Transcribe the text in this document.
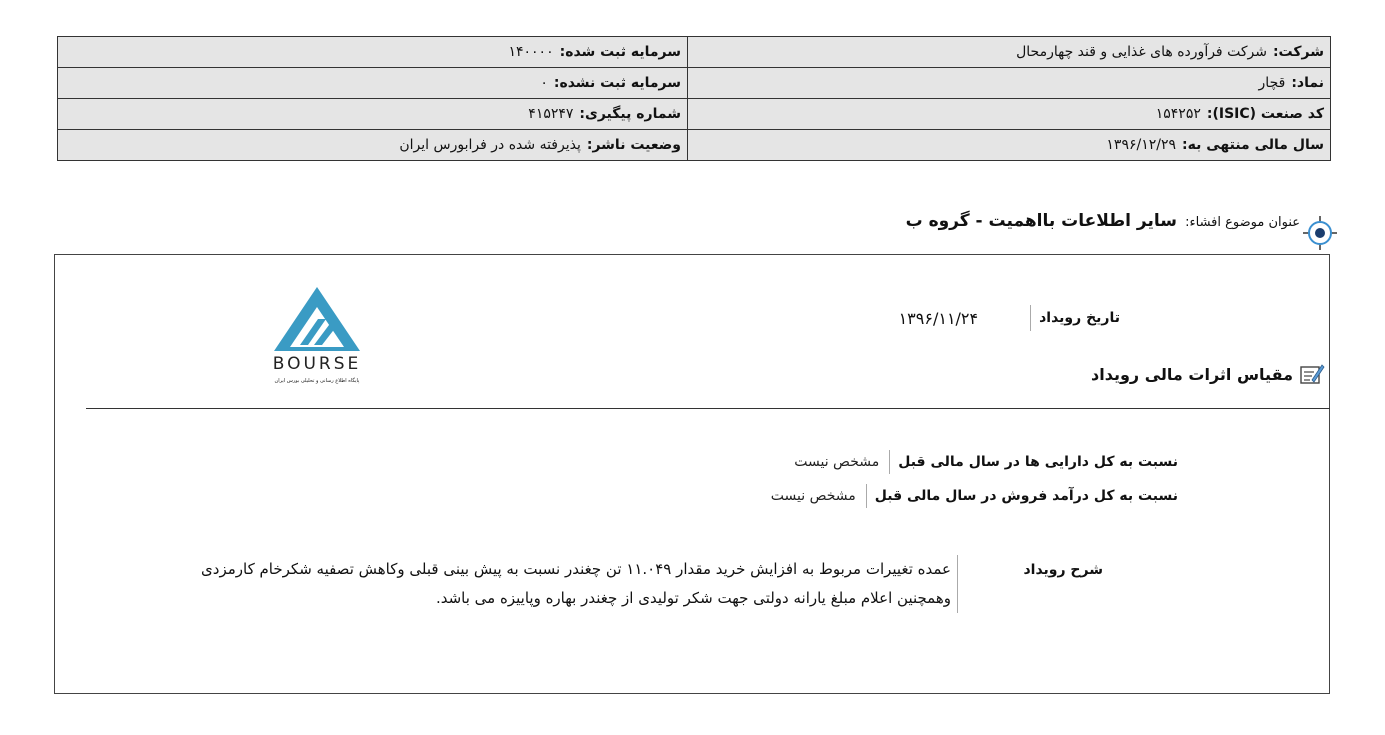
شرکت:شرکت فرآورده های غذایی و قند چهارمحال	سرمایه ثبت شده:۱۴۰۰۰۰
نماد:قچار	سرمایه ثبت نشده:۰
کد صنعت (ISIC):۱۵۴۲۵۲	شماره پیگیری:۴۱۵۲۴۷
سال مالی منتهی به:۱۳۹۶/۱۲/۲۹	وضعیت ناشر:پذیرفته شده در فرابورس ایران
عنوان موضوع افشاء: سایر اطلاعات بااهمیت - گروه ب
تاریخ رویداد
۱۳۹۶/۱۱/۲۴
مقیاس اثرات مالی رویداد
BOURSE
پایگاه اطلاع رسانی و تحلیلی بورس ایران
نسبت به کل دارایی ها در سال مالی قبل
مشخص نیست
نسبت به کل درآمد فروش در سال مالی قبل
مشخص نیست
شرح رویداد
عمده تغییرات مربوط به افزایش خرید مقدار ۱۱.۰۴۹ تن چغندر نسبت به پیش بینی قبلی وکاهش تصفیه شکرخام کارمزدی وهمچنین اعلام مبلغ یارانه دولتی جهت شکر تولیدی از چغندر بهاره وپاییزه می باشد.
